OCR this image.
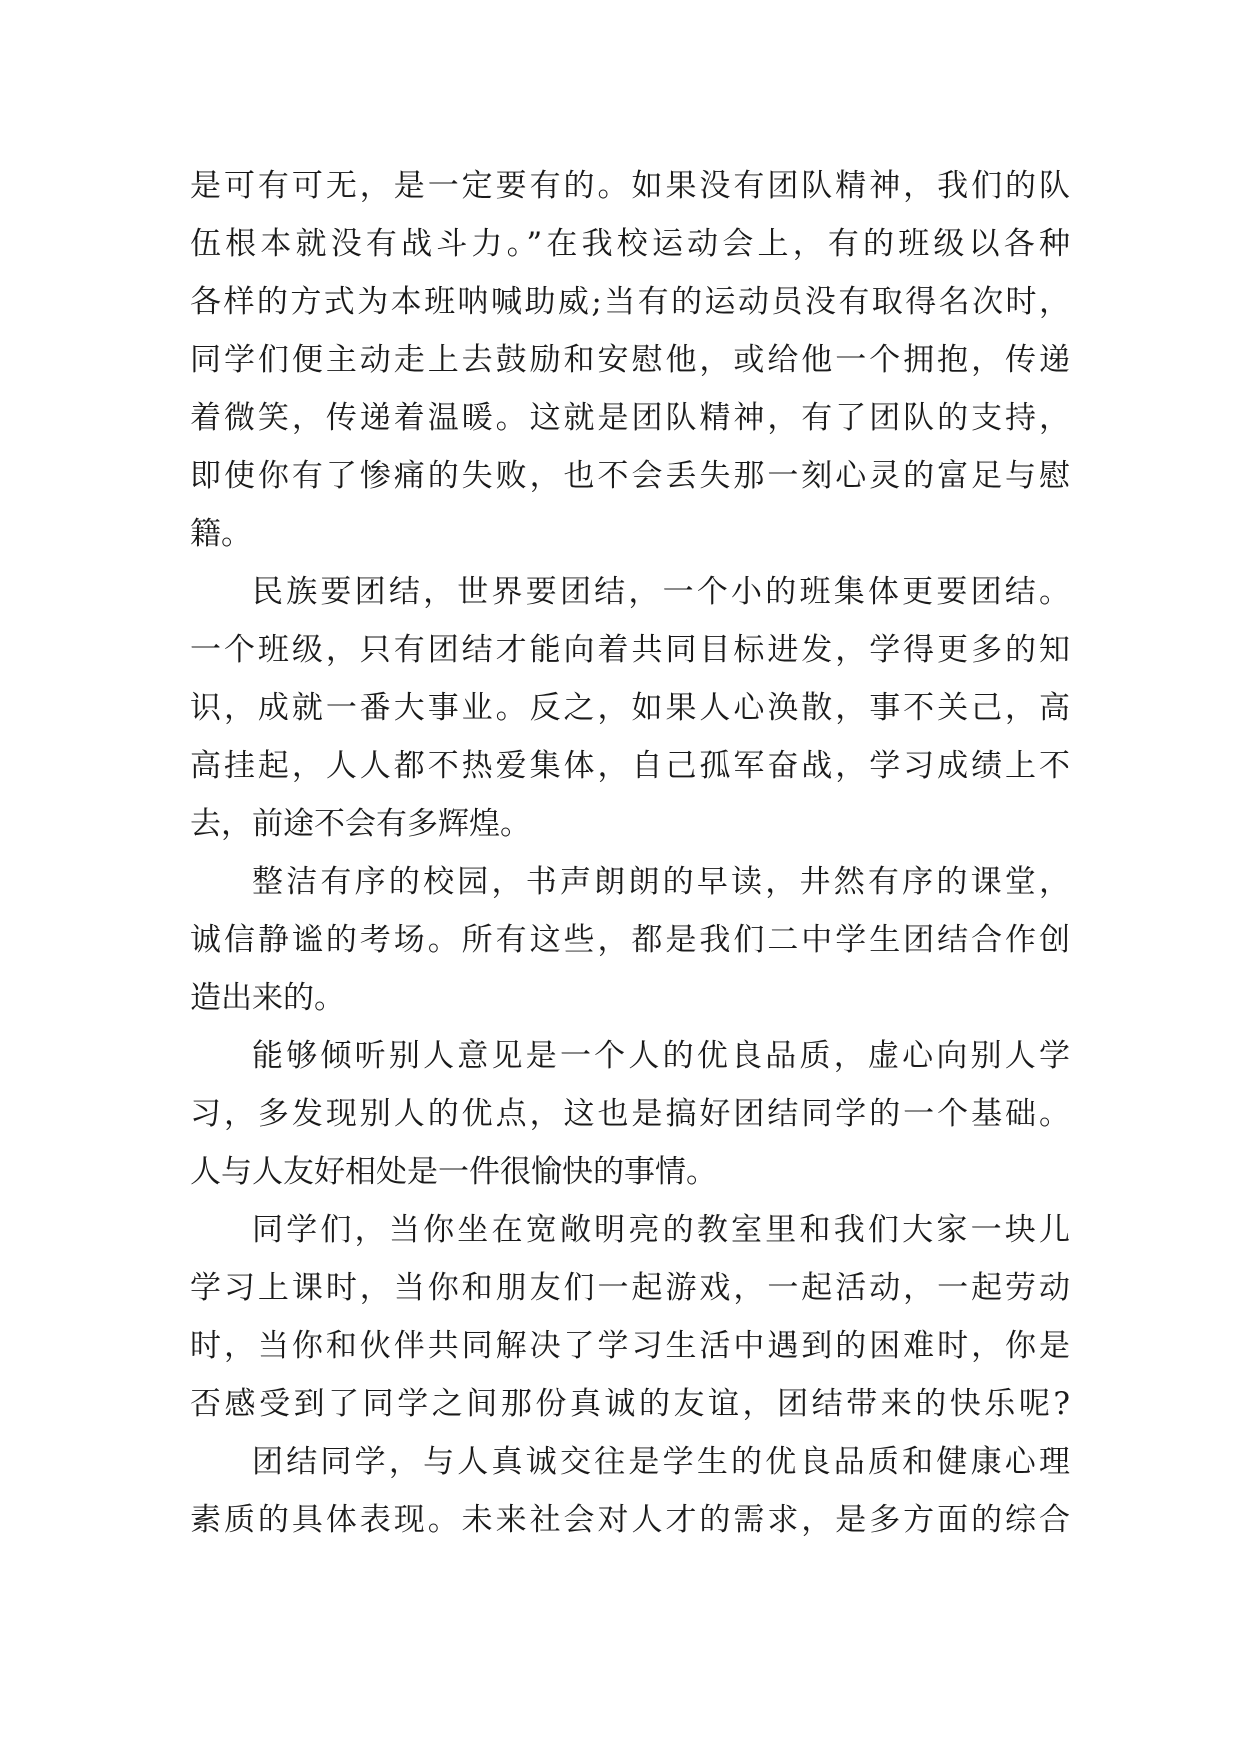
是可有可无，是一定要有的。如果没有团队精神，我们的队
伍根本就没有战斗力。”在我校运动会上，有的班级以各种
各样的方式为本班呐喊助威;当有的运动员没有取得名次时，
同学们便主动走上去鼓励和安慰他，或给他一个拥抱，传递
着微笑，传递着温暖。这就是团队精神，有了团队的支持，
即使你有了惨痛的失败，也不会丢失那一刻心灵的富足与慰
籍。
民族要团结，世界要团结，一个小的班集体更要团结。
一个班级，只有团结才能向着共同目标进发，学得更多的知
识，成就一番大事业。反之，如果人心涣散，事不关己，高
高挂起，人人都不热爱集体，自己孤军奋战，学习成绩上不
去，前途不会有多辉煌。
整洁有序的校园，书声朗朗的早读，井然有序的课堂，
诚信静谧的考场。所有这些，都是我们二中学生团结合作创
造出来的。
能够倾听别人意见是一个人的优良品质，虚心向别人学
习，多发现别人的优点，这也是搞好团结同学的一个基础。
人与人友好相处是一件很愉快的事情。
同学们，当你坐在宽敞明亮的教室里和我们大家一块儿
学习上课时，当你和朋友们一起游戏，一起活动，一起劳动
时，当你和伙伴共同解决了学习生活中遇到的困难时，你是
否感受到了同学之间那份真诚的友谊，团结带来的快乐呢?
团结同学，与人真诚交往是学生的优良品质和健康心理
素质的具体表现。未来社会对人才的需求，是多方面的综合
